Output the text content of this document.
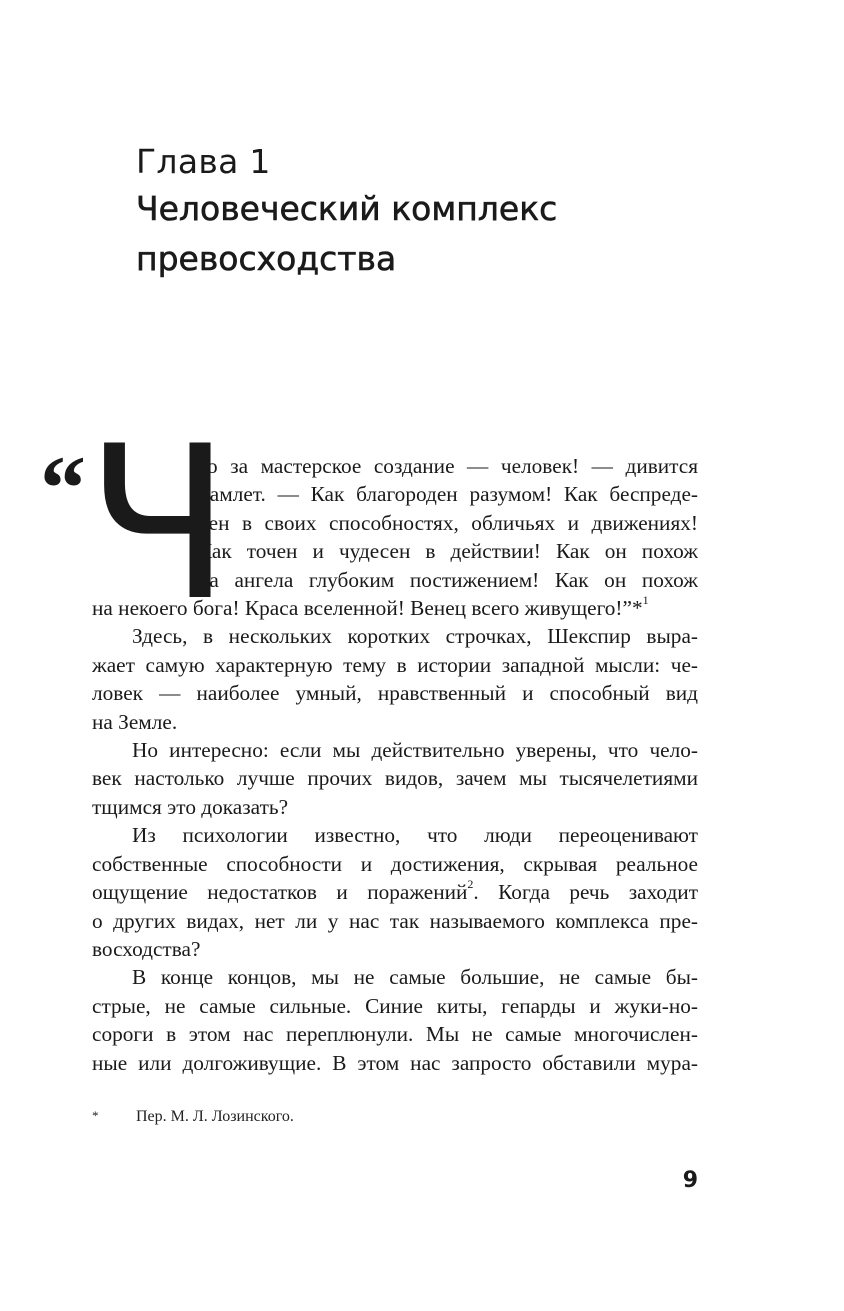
Глава 1

Человеческий комплекс

превосходства

“ Ч

то за мастерское создание — человек! — дивится
Гамлет. — Как благороден разумом! Как беспреде-
лен в своих способностях, обличьях и движениях!
Как точен и чудесен в действии! Как он похож
на ангела глубоким постижением! Как он похож
на некоего бога! Краса вселенной! Венец всего живущего!”*$^1$

Здесь, в нескольких коротких строчках, Шекспир выра-
жает самую характерную тему в истории западной мысли: че-
ловек — наиболее умный, нравственный и способный вид
на Земле.

Но интересно: если мы действительно уверены, что чело-
век настолько лучше прочих видов, зачем мы тысячелетиями
тщимся это доказать?

Из психологии известно, что люди переоценивают
собственные способности и достижения, скрывая реальное
ощущение недостатков и поражений$^2$. Когда речь заходит
о других видах, нет ли у нас так называемого комплекса пре-
восходства?

В конце концов, мы не самые большие, не самые бы-
стрые, не самые сильные. Синие киты, гепарды и жуки-но-
сороги в этом нас переплюнули. Мы не самые многочислен-
ные или долгоживущие. В этом нас запросто обставили мура-

* Пер. М. Л. Лозинского.
9
